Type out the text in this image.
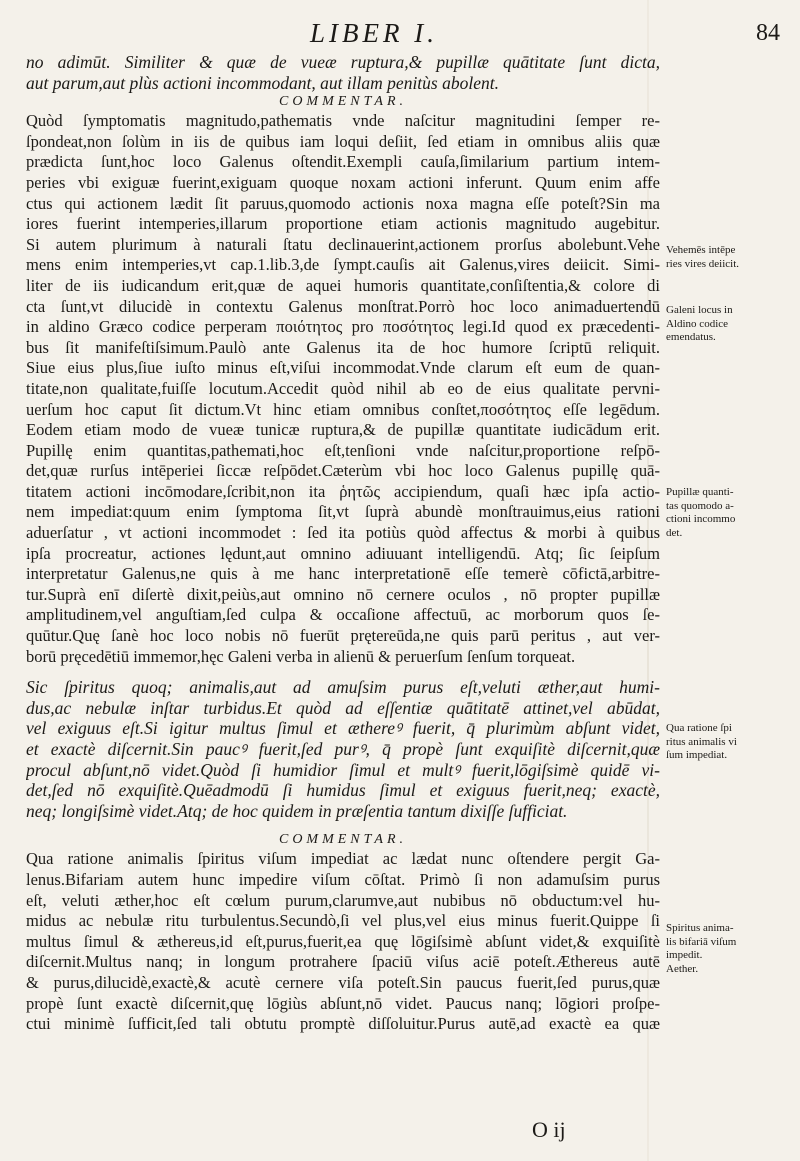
LIBER I.	84
no adimūt. Similiter & quæ de vueæ ruptura,& pupillæ quātitate ſunt dicta,
aut parum,aut plùs actioni incommodant, aut illam penitùs abolent.
COMMENTAR.
Quòd ſymptomatis magnitudo,pathematis vnde naſcitur magnitudini ſemper re-
ſpondeat,non ſolùm in iis de quibus iam loqui deſiit, ſed etiam in omnibus aliis quæ
prædicta ſunt,hoc loco Galenus oſtendit.Exempli cauſa,ſimilarium partium intem-
peries vbi exiguæ fuerint,exiguam quoque noxam actioni inferunt. Quum enim affe
ctus qui actionem lædit ſit paruus,quomodo actionis noxa magna eſſe poteſt?Sin ma
iores fuerint intemperies,illarum proportione etiam actionis magnitudo augebitur.
Si autem plurimum à naturali ſtatu declinauerint,actionem prorſus abolebunt.Vehe
mens enim intemperies,vt cap.1.lib.3,de ſympt.cauſis ait Galenus,vires deiicit. Simi-
liter de iis iudicandum erit,quæ de aquei humoris quantitate,conſiſtentia,& colore di
cta ſunt,vt dilucidè in contextu Galenus monſtrat.Porrò hoc loco animaduertendū
in aldino Græco codice perperam ποιότητος pro ποσότητος legi.Id quod ex præcedenti-
bus ſit manifeſtiſsimum.Paulò ante Galenus ita de hoc humore ſcriptū reliquit.
Siue eius plus,ſiue iuſto minus eſt,viſui incommodat.Vnde clarum eſt eum de quan-
titate,non qualitate,fuiſſe locutum.Accedit quòd nihil ab eo de eius qualitate pervni-
uerſum hoc caput ſit dictum.Vt hinc etiam omnibus conſtet,ποσότητος eſſe legēdum.
Eodem etiam modo de vueæ tunicæ ruptura,& de pupillæ quantitate iudicādum erit.
Pupillę enim quantitas,pathemati,hoc eſt,tenſioni vnde naſcitur,proportione reſpō-
det,quæ rurſus intēperiei ſiccæ reſpōdet.Cæterùm vbi hoc loco Galenus pupillę quā-
titatem actioni incōmodare,ſcribit,non ita ῥητῶς accipiendum, quaſi hæc ipſa actio-
nem impediat:quum enim ſymptoma ſit,vt ſuprà abundè monſtrauimus,eius rationi
aduerſatur , vt actioni incommodet : ſed ita potiùs quòd affectus & morbi à quibus
ipſa procreatur, actiones lędunt,aut omnino adiuuant intelligendū. Atq; ſic ſeipſum
interpretatur Galenus,ne quis à me hanc interpretationē eſſe temerè cōfictā,arbitre-
tur.Suprà enī diſertè dixit,peiùs,aut omnino nō cernere oculos , nō propter pupillæ
amplitudinem,vel anguſtiam,ſed culpa & occaſione affectuū, ac morborum quos ſe-
quūtur.Quę ſanè hoc loco nobis nō fuerūt prętereūda,ne quis parū peritus , aut ver-
borū pręcedētiū immemor,hęc Galeni verba in alienū & peruerſum ſenſum torqueat.
Sic ſpiritus quoq; animalis,aut ad amuſsim purus eſt,veluti æther,aut humi-
dus,ac nebulæ inſtar turbidus.Et quòd ad eſſentiæ quātitatē attinet,vel abūdat,
vel exiguus eſt.Si igitur multus ſimul et æthereꝰ fuerit, q̄ plurimùm abſunt videt,
et exactè diſcernit.Sin paucꝰ fuerit,ſed purꝰ, q̄ propè ſunt exquiſitè diſcernit,quæ
procul abſunt,nō videt.Quòd ſi humidior ſimul et multꝰ fuerit,lōgiſsimè quidē vi-
det,ſed nō exquiſitè.Quēadmodū ſi humidus ſimul et exiguus fuerit,neq; exactè,
neq; longiſsimè videt.Atq; de hoc quidem in præſentia tantum dixiſſe ſufficiat.
COMMENTAR.
Qua ratione animalis ſpiritus viſum impediat ac lædat nunc oſtendere pergit Ga-
lenus.Bifariam autem hunc impedire viſum cōſtat. Primò ſi non adamuſsim purus
eſt, veluti æther,hoc eſt cœlum purum,clarumve,aut nubibus nō obductum:vel hu-
midus ac nebulæ ritu turbulentus.Secundò,ſi vel plus,vel eius minus fuerit.Quippe ſi
multus ſimul & æthereus,id eſt,purus,fuerit,ea quę lōgiſsimè abſunt videt,& exquiſitè
diſcernit.Multus nanq; in longum protrahere ſpaciū viſus aciē poteſt.Æthereus autē
& purus,dilucidè,exactè,& acutè cernere viſa poteſt.Sin paucus fuerit,ſed purus,quæ
propè ſunt exactè diſcernit,quę lōgiùs abſunt,nō videt. Paucus nanq; lōgiori proſpe-
ctui minimè ſufficit,ſed tali obtutu promptè diſſoluitur.Purus autē,ad exactè ea quæ
Vehemēs intēpe
ries vires deiicit.
Galeni locus in
Aldino codice
emendatus.
Pupillæ quanti-
tas quomodo a-
ctioni incommo
det.
Qua ratione ſpi
ritus animalis vi
ſum impediat.
Spiritus anima-
lis bifariā viſum
impedit.
Aether.
O ij
